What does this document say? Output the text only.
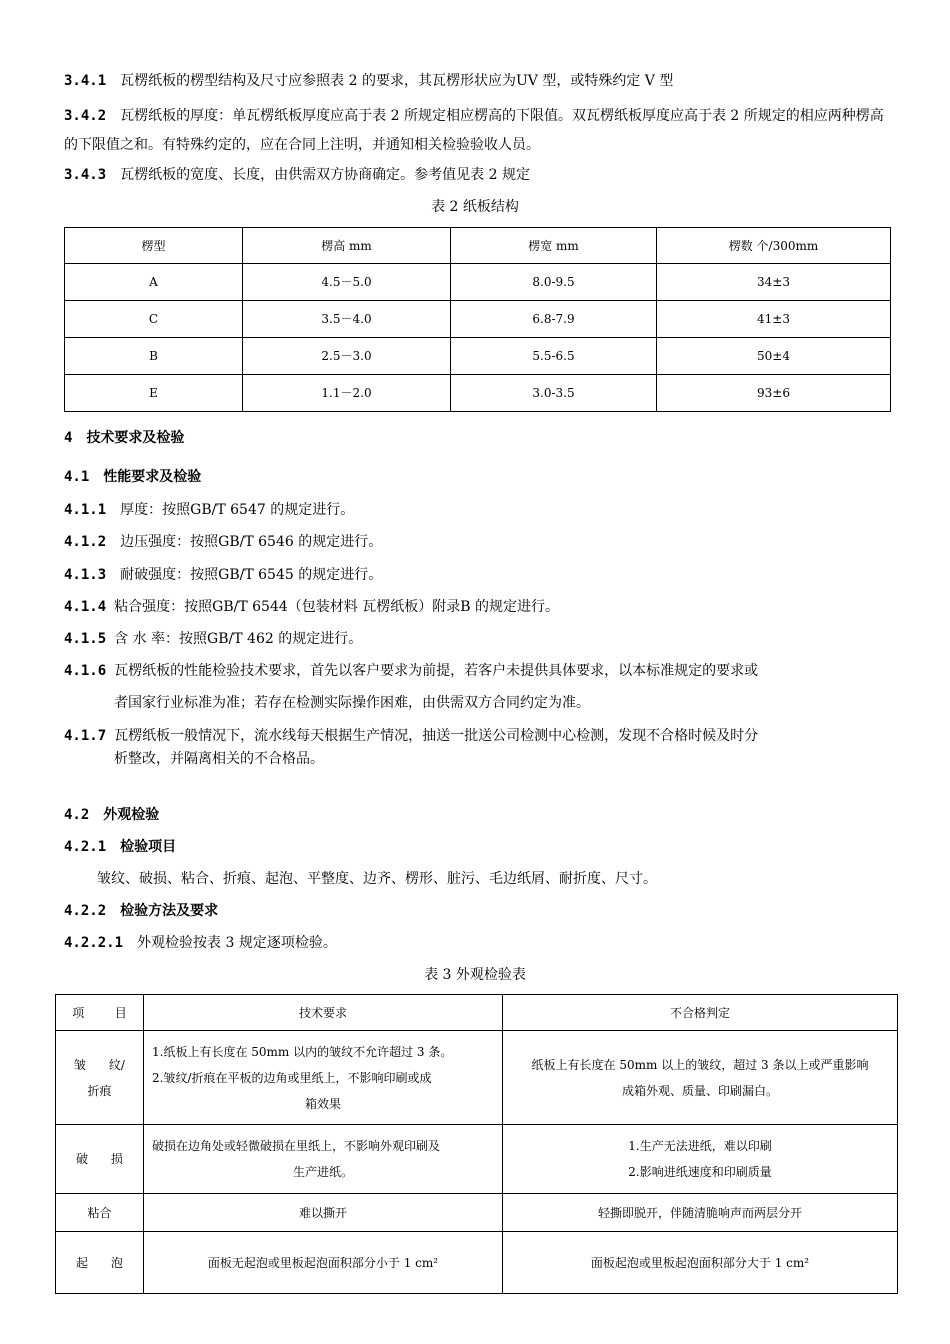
3.4.1 瓦楞纸板的楞型结构及尺寸应参照表 2 的要求，其瓦楞形状应为UV 型，或特殊约定 V 型
3.4.2 瓦楞纸板的厚度：单瓦楞纸板厚度应高于表 2 所规定相应楞高的下限值。双瓦楞纸板厚度应高于表 2 所规定的相应两种楞高的下限值之和。有特殊约定的，应在合同上注明，并通知相关检验验收人员。
3.4.3 瓦楞纸板的宽度、长度，由供需双方协商确定。参考值见表 2 规定
表 2 纸板结构
楞型	楞高 mm	楞宽 mm	楞数 个/300mm
A	4.5－5.0	8.0-9.5	34±3
C	3.5－4.0	6.8-7.9	41±3
B	2.5－3.0	5.5-6.5	50±4
E	1.1－2.0	3.0-3.5	93±6
4 技术要求及检验
4.1 性能要求及检验
4.1.1 厚度：按照GB/T 6547 的规定进行。
4.1.2 边压强度：按照GB/T 6546 的规定进行。
4.1.3 耐破强度：按照GB/T 6545 的规定进行。
4.1.4 粘合强度：按照GB/T 6544（包装材料 瓦楞纸板）附录B 的规定进行。
4.1.5 含 水 率：按照GB/T 462 的规定进行。
4.1.6 瓦楞纸板的性能检验技术要求，首先以客户要求为前提，若客户未提供具体要求，以本标准规定的要求或
者国家行业标准为准；若存在检测实际操作困难，由供需双方合同约定为准。
4.1.7 瓦楞纸板一般情况下，流水线每天根据生产情况，抽送一批送公司检测中心检测，发现不合格时候及时分
析整改，并隔离相关的不合格品。
4.2 外观检验
4.2.1 检验项目
皱纹、破损、粘合、折痕、起泡、平整度、边齐、楞形、脏污、毛边纸屑、耐折度、尺寸。
4.2.2 检验方法及要求
4.2.2.1 外观检验按表 3 规定逐项检验。
表 3 外观检验表
项        目	技术要求	不合格判定

皱      纹/
折痕	1.纸板上有长度在 50mm 以内的皱纹不允许超过 3 条。
2.皱纹/折痕在平板的边角或里纸上，不影响印刷或成
箱效果	纸板上有长度在 50mm 以上的皱纹，超过 3 条以上或严重影响
成箱外观、质量、印刷漏白。

破      损	破损在边角处或轻微破损在里纸上，不影响外观印刷及
生产进纸。	1.生产无法进纸，难以印刷
2.影响进纸速度和印刷质量

粘合	难以撕开	轻撕即脱开，伴随清脆响声而两层分开
起      泡	面板无起泡或里板起泡面积部分小于 1 cm²	面板起泡或里板起泡面积部分大于 1 cm²
